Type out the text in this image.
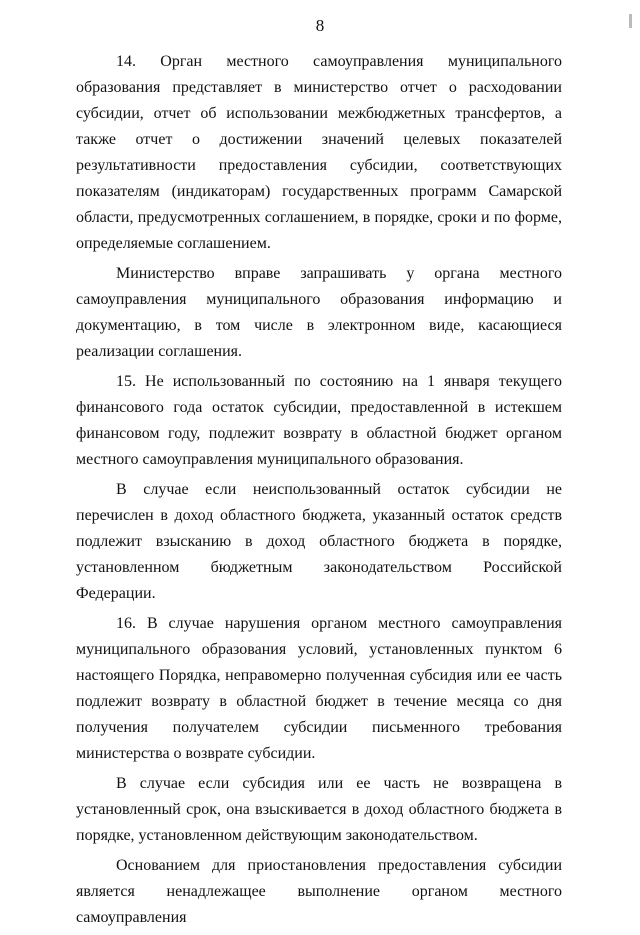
8

14. Орган местного самоуправления муниципального образования представляет в министерство отчет о расходовании субсидии, отчет об использовании межбюджетных трансфертов, а также отчет о достижении значений целевых показателей результативности предоставления субсидии, соответствующих показателям (индикаторам) государственных программ Самарской области, предусмотренных соглашением, в порядке, сроки и по форме, определяемые соглашением.

Министерство вправе запрашивать у органа местного самоуправления муниципального образования информацию и документацию, в том числе в электронном виде, касающиеся реализации соглашения.

15. Не использованный по состоянию на 1 января текущего финансового года остаток субсидии, предоставленной в истекшем финансовом году, подлежит возврату в областной бюджет органом местного самоуправления муниципального образования.

В случае если неиспользованный остаток субсидии не перечислен в доход областного бюджета, указанный остаток средств подлежит взысканию в доход областного бюджета в порядке, установленном бюджетным законодательством Российской Федерации.

16. В случае нарушения органом местного самоуправления муниципального образования условий, установленных пунктом 6 настоящего Порядка, неправомерно полученная субсидия или ее часть подлежит возврату в областной бюджет в течение месяца со дня получения получателем субсидии письменного требования министерства о возврате субсидии.

В случае если субсидия или ее часть не возвращена в установленный срок, она взыскивается в доход областного бюджета в порядке, установленном действующим законодательством.

Основанием для приостановления предоставления субсидии является ненадлежащее выполнение органом местного самоуправления
